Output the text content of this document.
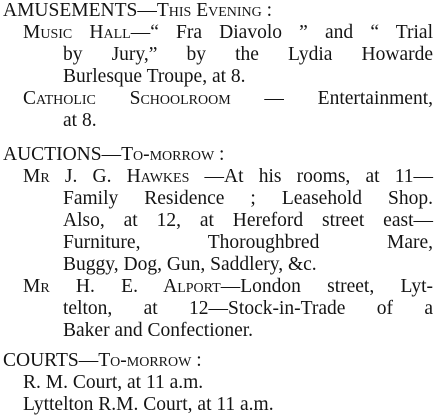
AMUSEMENTS—This Evening :
Music Hall—“ Fra Diavolo ” and “ Trial
by Jury,” by the Lydia Howarde
Burlesque Troupe, at 8.
Catholic Schoolroom — Entertainment,
at 8.
AUCTIONS—To-morrow :
Mr J. G. Hawkes —At his rooms, at 11—
Family Residence ; Leasehold Shop.
Also, at 12, at Hereford street east—
Furniture, Thoroughbred Mare,
Buggy, Dog, Gun, Saddlery, &c.
Mr H. E. Alport—London street, Lyt-
telton, at 12—Stock-in-Trade of a
Baker and Confectioner.
COURTS—To-morrow :
R. M. Court, at 11 a.m.
Lyttelton R.M. Court, at 11 a.m.
